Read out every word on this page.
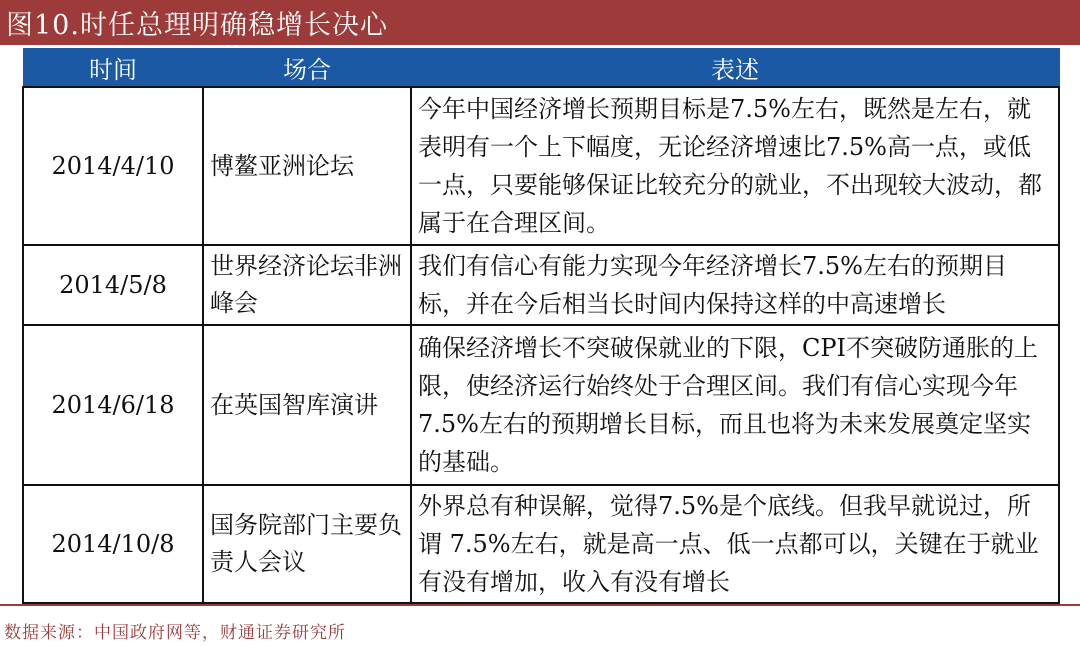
图10.时任总理明确稳增长决心
时间	场合	表述
2014/4/10	博鳌亚洲论坛	今年中国经济增长预期目标是7.5%左右，既然是左右，就表明有一个上下幅度，无论经济增速比7.5%高一点，或低一点，只要能够保证比较充分的就业，不出现较大波动，都属于在合理区间。
2014/5/8	世界经济论坛非洲峰会	我们有信心有能力实现今年经济增长7.5%左右的预期目标，并在今后相当长时间内保持这样的中高速增长
2014/6/18	在英国智库演讲	确保经济增长不突破保就业的下限，CPI不突破防通胀的上限，使经济运行始终处于合理区间。我们有信心实现今年7.5%左右的预期增长目标，而且也将为未来发展奠定坚实的基础。
2014/10/8	国务院部门主要负责人会议	外界总有种误解，觉得7.5%是个底线。但我早就说过，所谓 7.5%左右，就是高一点、低一点都可以，关键在于就业有没有增加，收入有没有增长
数据来源：中国政府网等，财通证券研究所
